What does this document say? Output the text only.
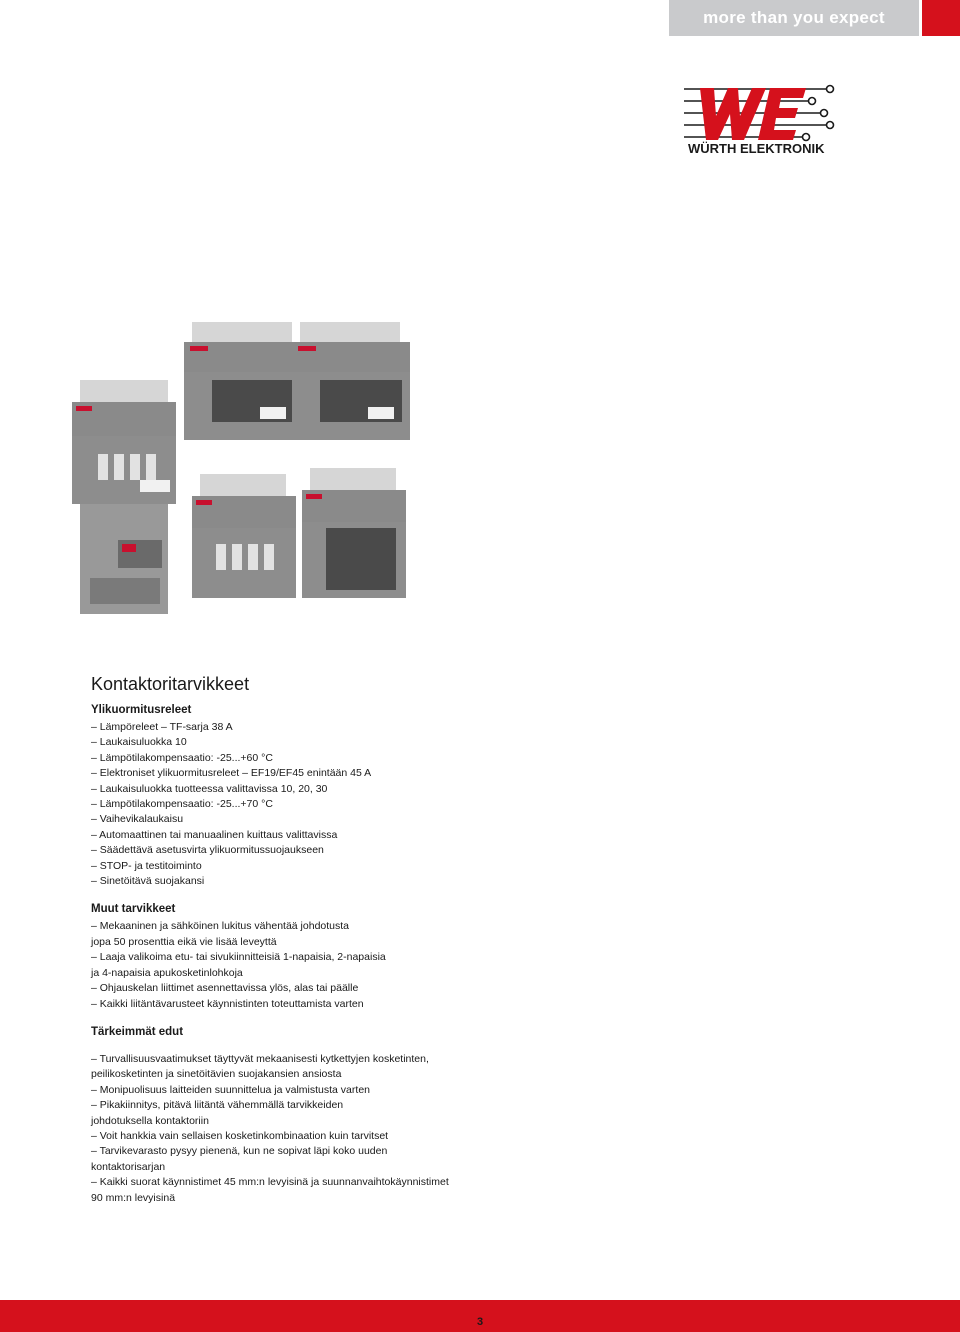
more than you expect
WÜRTH ELEKTRONIK
Kontaktoritarvikkeet
Ylikuormitusreleet
– Lämpöreleet – TF-sarja 38 A
– Laukaisuluokka 10
– Lämpötilakompensaatio: -25...+60 °C
– Elektroniset ylikuormitusreleet – EF19/EF45 enintään 45 A
– Laukaisuluokka tuotteessa valittavissa 10, 20, 30
– Lämpötilakompensaatio: -25...+70 °C
– Vaihevikalaukaisu
– Automaattinen tai manuaalinen kuittaus valittavissa
– Säädettävä asetusvirta ylikuormitussuojaukseen
– STOP- ja testitoiminto
– Sinetöitävä suojakansi
Muut tarvikkeet
– Mekaaninen ja sähköinen lukitus vähentää johdotusta
jopa 50 prosenttia eikä vie lisää leveyttä
– Laaja valikoima etu- tai sivukiinnitteisiä 1-napaisia, 2-napaisia
ja 4-napaisia apukosketinlohkoja
– Ohjauskelan liittimet asennettavissa ylös, alas tai päälle
– Kaikki liitäntävarusteet käynnistinten toteuttamista varten
Tärkeimmät edut
– Turvallisuusvaatimukset täyttyvät mekaanisesti kytkettyjen kosketinten,
peilikosketinten ja sinetöitävien suojakansien ansiosta
– Monipuolisuus laitteiden suunnittelua ja valmistusta varten
– Pikakiinnitys, pitävä liitäntä vähemmällä tarvikkeiden
johdotuksella kontaktoriin
– Voit hankkia vain sellaisen kosketinkombinaation kuin tarvitset
– Tarvikevarasto pysyy pienenä, kun ne sopivat läpi koko uuden
kontaktorisarjan
– Kaikki suorat käynnistimet 45 mm:n levyisinä ja suunnanvaihtokäynnistimet
90 mm:n levyisinä
3
